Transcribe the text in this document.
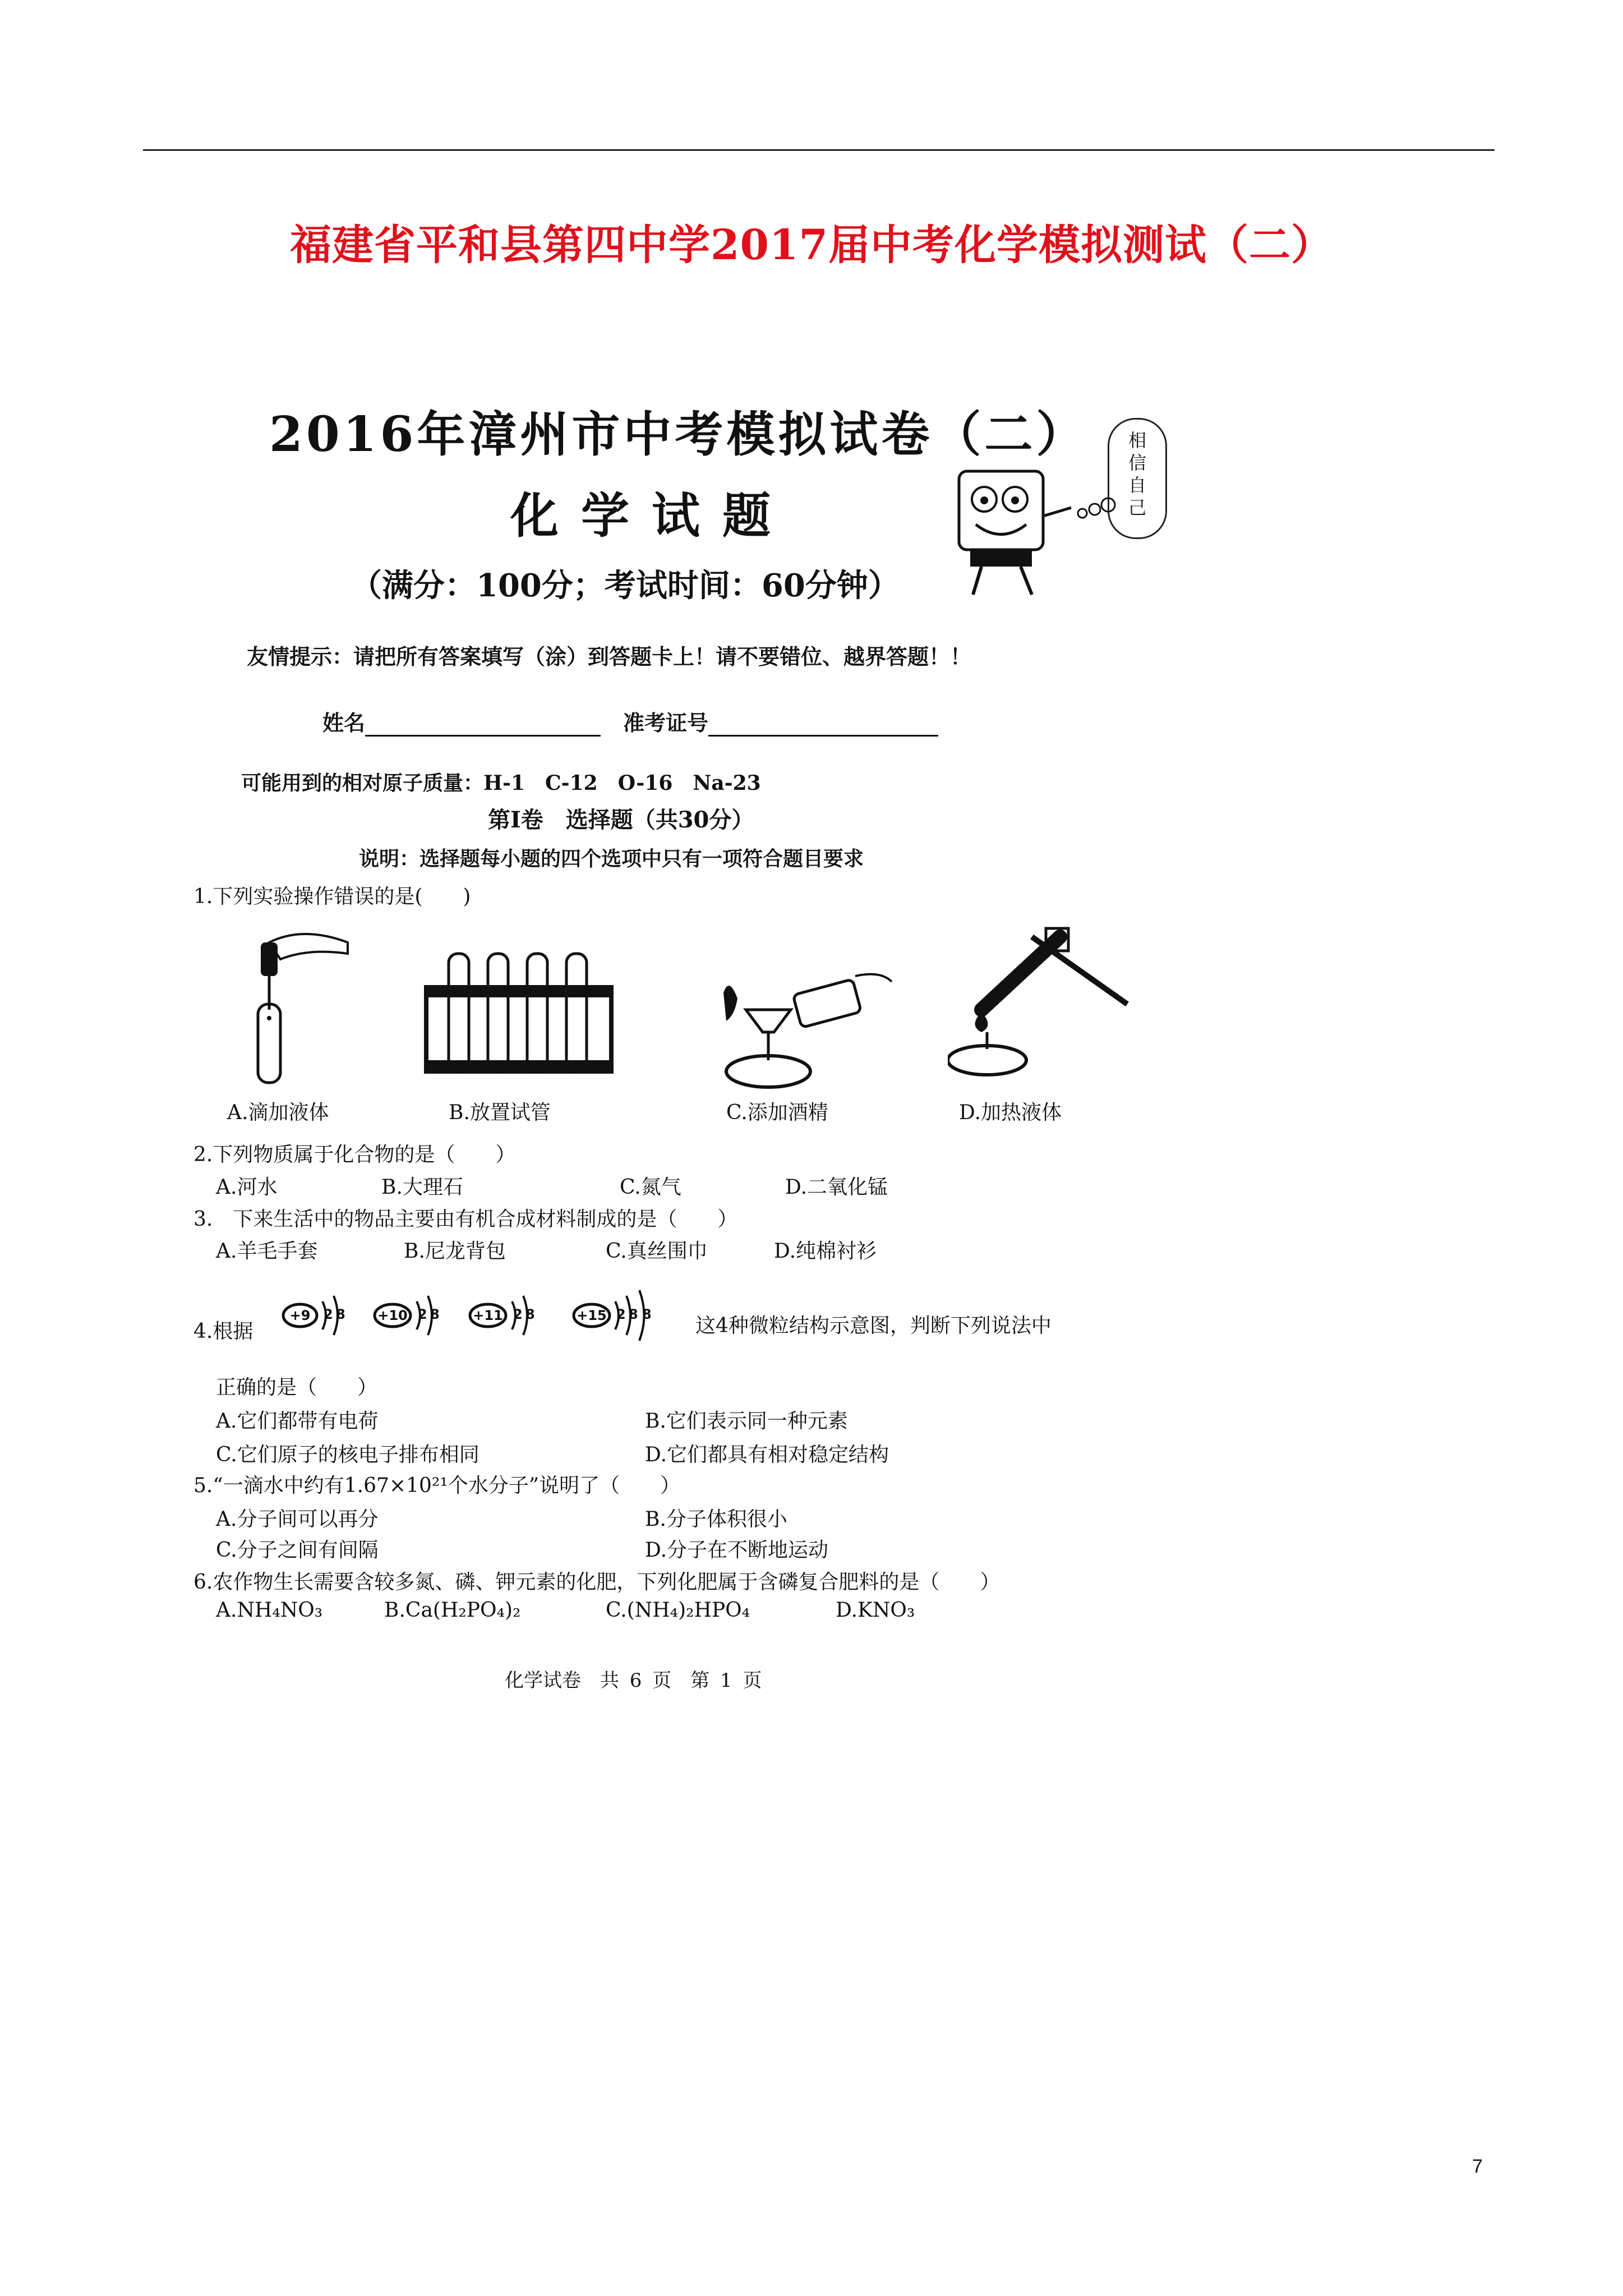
福建省平和县第四中学2017届中考化学模拟测试（二）
2016年漳州市中考模拟试卷（二）
化学试题
（满分：100分；考试时间：60分钟）
相信自己
友情提示：请把所有答案填写（涂）到答题卡上！请不要错位、越界答题！！
姓名	准考证号
可能用到的相对原子质量：H-1　C-12　O-16　Na-23
第Ⅰ卷　选择题（共30分）
说明：选择题每小题的四个选项中只有一项符合题目要求
1.下列实验操作错误的是(　　)
A.滴加液体	B.放置试管	C.添加酒精	D.加热液体
2.下列物质属于化合物的是（　　）
A.河水	B.大理石	C.氮气	D.二氧化锰
3.　下来生活中的物品主要由有机合成材料制成的是（　　）
A.羊毛手套	B.尼龙背包	C.真丝围巾	D.纯棉衬衫
4.根据
+9 2 8 +10 2 8 +11 2 8	+15 2 8 8 这4种微粒结构示意图，判断下列说法中
正确的是（　　）
A.它们都带有电荷	B.它们表示同一种元素
C.它们原子的核电子排布相同	D.它们都具有相对稳定结构
5.“一滴水中约有1.67×10²¹个水分子”说明了（　　）
A.分子间可以再分	B.分子体积很小
C.分子之间有间隔	D.分子在不断地运动
6.农作物生长需要含较多氮、磷、钾元素的化肥，下列化肥属于含磷复合肥料的是（　　）
A.NH₄NO₃	B.Ca(H₂PO₄)₂	C.(NH₄)₂HPO₄	D.KNO₃
化学试卷　共 6 页　第 1 页
7
